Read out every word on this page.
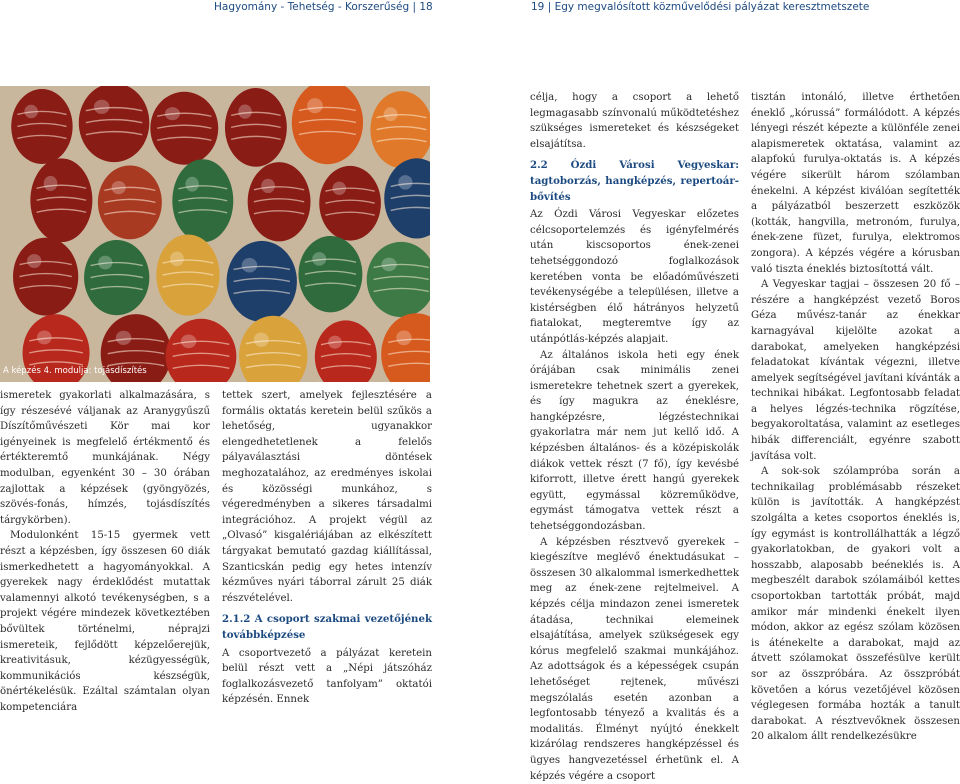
Hagyomány - Tehetség - Korszerűség | 18	19 | Egy megvalósított közművelődési pályázat keresztmetszete
A képzés 4. modulja: tojásdíszítés

ismeretek gyakorlati alkalmazására, s így részesévé váljanak az Aranygyűszű Díszítőművészeti Kör mai kor igényeinek is megfelelő értékmentő és értékteremtő munkájának. Négy modulban, egyenként 30 – 30 órában zajlottak a képzések (gyöngyözés, szövés-fonás, hímzés, tojásdíszítés tárgykörben).

Modulonként 15-15 gyermek vett részt a képzésben, így összesen 60 diák ismerkedhetett a hagyományokkal. A gyerekek nagy érdeklődést mutattak valamennyi alkotó tevékenységben, s a projekt végére mindezek következtében bővültek történelmi, néprajzi ismereteik, fejlődött képzelőerejük, kreativitásuk, kézügyességük, kommunikációs készségük, önértékelésük. Ezáltal számtalan olyan kompetenciára

tettek szert, amelyek fejlesztésére a formális oktatás keretein belül szűkös a lehetőség, ugyanakkor elengedhetetlenek a felelős pályaválasztási döntések meghozatalához, az eredményes iskolai és közösségi munkához, s végeredményben a sikeres társadalmi integrációhoz. A projekt végül az „Olvasó” kisgalériájában az elkészített tárgyakat bemutató gazdag kiállítással, Szanticskán pedig egy hetes intenzív kézműves nyári táborral zárult 25 diák részvételével.

2.1.2 A csoport szakmai vezetőjének továbbképzése

A csoportvezető a pályázat keretein belül részt vett a „Népi játszóház foglalkozásvezető tanfolyam” oktatói képzésén. Ennek

célja, hogy a csoport a lehető legmagasabb színvonalú működtetéshez szükséges ismereteket és készségeket elsajátítsa.

2.2 Ózdi Városi Vegyeskar: tagtoborzás, hangképzés, repertoár-bővítés

Az Ózdi Városi Vegyeskar előzetes célcsoportelemzés és igényfelmérés után kiscsoportos ének-zenei tehetséggondozó foglalkozások keretében vonta be előadóművészeti tevékenységébe a településen, illetve a kistérségben élő hátrányos helyzetű fiatalokat, megteremtve így az utánpótlás-képzés alapjait.

Az általános iskola heti egy ének órájában csak minimális zenei ismeretekre tehetnek szert a gyerekek, és így magukra az éneklésre, hangképzésre, légzéstechnikai gyakorlatra már nem jut kellő idő. A képzésben általános- és a középiskolák diákok vettek részt (7 fő), így kevésbé kiforrott, illetve érett hangú gyerekek együtt, egymással közreműködve, egymást támogatva vettek részt a tehetséggondozásban.

A képzésben résztvevő gyerekek – kiegészítve meglévő énektudásukat – összesen 30 alkalommal ismerkedhettek meg az ének-zene rejtelmeivel. A képzés célja mindazon zenei ismeretek átadása, technikai elemeinek elsajátítása, amelyek szükségesek egy kórus megfelelő szakmai munkájához. Az adottságok és a képességek csupán lehetőséget rejtenek, művészi megszólalás esetén azonban a legfontosabb tényező a kvalitás és a modalitás. Élményt nyújtó énekkelt kizárólag rendszeres hangképzéssel és ügyes hangvezetéssel érhetünk el. A képzés végére a csoport

tisztán intonáló, illetve érthetően éneklő „kórussá” formálódott. A képzés lényegi részét képezte a különféle zenei alapismeretek oktatása, valamint az alapfokú furulya-oktatás is. A képzés végére sikerült három szólamban énekelni. A képzést kiválóan segítették a pályázatból beszerzett eszközök (kották, hangvilla, metronóm, furulya, ének-zene füzet, furulya, elektromos zongora). A képzés végére a kórusban való tiszta éneklés biztosítottá vált.

A Vegyeskar tagjai – összesen 20 fő – részére a hangképzést vezető Boros Géza művész-tanár az énekkar karnagyával kijelölte azokat a darabokat, amelyeken hangképzési feladatokat kívántak végezni, illetve amelyek segítségével javítani kívánták a technikai hibákat. Legfontosabb feladat a helyes légzés-technika rögzítése, begyakoroltatása, valamint az esetleges hibák differenciált, egyénre szabott javítása volt.

A sok-sok szólampróba során a technikailag problémásabb részeket külön is javították. A hangképzést szolgálta a ketes csoportos éneklés is, így egymást is kontrollálhatták a légző gyakorlatokban, de gyakori volt a hosszabb, alaposabb beéneklés is. A megbeszélt darabok szólamáiból kettes csoportokban tartották próbát, majd amikor már mindenki énekelt ilyen módon, akkor az egész szólam közösen is áténekelte a darabokat, majd az átvett szólamokat összefésülve került sor az összpróbára. Az összpróbát követően a kórus vezetőjével közösen véglegesen formába hozták a tanult darabokat. A résztvevőknek összesen 20 alkalom állt rendelkezésükre
